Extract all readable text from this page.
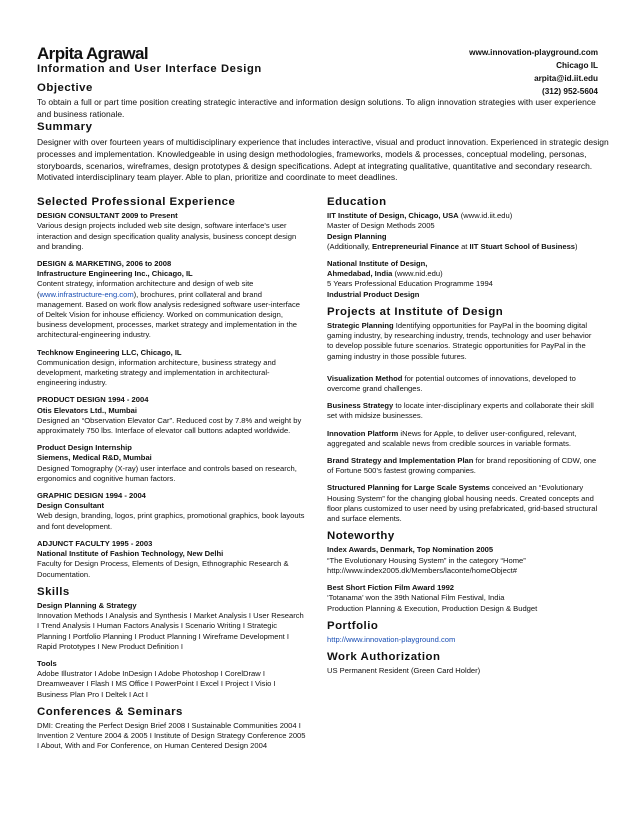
Arpita Agrawal
Information and User Interface Design
www.innovation-playground.com
Chicago IL
arpita@id.iit.edu
(312) 952-5604
Objective

To obtain a full or part time position creating strategic interactive and information design solutions. To align innovation strategies with user experience and business rationale.

Summary

Designer with over fourteen years of multidisciplinary experience that includes interactive, visual and product innovation. Experienced in strategic design processes and implementation. Knowledgeable in using design methodologies, frameworks, models & processes, conceptual modeling, personas, storyboards, scenarios, wireframes, design prototypes & design specifications. Adept at integrating qualitative, quantitative and secondary research. Motivated interdisciplinary team player. Able to plan, prioritize and coordinate to meet deadlines.

Selected Professional Experience
DESIGN CONSULTANT 2009 to Present
Various design projects included web site design, software interface's user interaction and design specification quality analysis, business concept design and branding.
DESIGN & MARKETING, 2006 to 2008
Infrastructure Engineering Inc., Chicago, IL
Content strategy, information architecture and design of web site (www.infrastructure-eng.com), brochures, print collateral and brand management. Based on work flow analysis redesigned software user-interface of Deltek Vision for inhouse efficiency. Worked on communication design, business development, processes, market strategy and implementation in the architectural-engineering industry.
Techknow Engineering LLC, Chicago, IL
Communication design, information architecture, business strategy and development, marketing strategy and implementation in architectural-engineering industry.
PRODUCT DESIGN 1994 - 2004
Otis Elevators Ltd., Mumbai
Designed an “Observation Elevator Car”. Reduced cost by 7.8% and weight by approximately 750 lbs. Interface of elevator call buttons adapted worldwide.
Product Design Internship
Siemens, Medical R&D, Mumbai
Designed Tomography (X-ray) user interface and controls based on research, ergonomics and cognitive human factors.
GRAPHIC DESIGN 1994 - 2004
Design Consultant
Web design, branding, logos, print graphics, promotional graphics, book layouts and font development.
ADJUNCT FACULTY 1995 - 2003
National Institute of Fashion Technology, New Delhi
Faculty for Design Process, Elements of Design, Ethnographic Research & Documentation.
Skills
Design Planning & Strategy
Innovation Methods I Analysis and Synthesis I Market Analysis I User Research I Trend Analysis I Human Factors Analysis I Scenario Writing I Strategic Planning I Portfolio Planning I Product Planning I Wireframe Development I Rapid Prototypes I New Product Definition I
Tools
Adobe Illustrator I Adobe InDesign I Adobe Photoshop I CorelDraw I Dreamweaver I Flash I MS Office I PowerPoint I Excel I Project I Visio I Business Plan Pro I Deltek I Act I
Conferences & Seminars
DMI: Creating the Perfect Design Brief 2008 I Sustainable Communities 2004 I Invention 2 Venture 2004 & 2005 I Institute of Design Strategy Conference 2005 I About, With and For Conference, on Human Centered Design 2004
Education
IIT Institute of Design, Chicago, USA (www.id.iit.edu)
Master of Design Methods 2005
Design Planning
(Additionally, Entrepreneurial Finance at IIT Stuart School of Business)
National Institute of Design,
Ahmedabad, India (www.nid.edu)
5 Years Professional Education Programme 1994
Industrial Product Design
Projects at Institute of Design
Strategic Planning Identifying opportunities for PayPal in the booming digital gaming industry, by researching industry, trends, technology and user behavior to develop possible future scenarios. Strategic opportunities for PayPal in the gaming industry in those possible futures.
Visualization Method for potential outcomes of innovations, developed to overcome grand challenges.
Business Strategy to locate inter-disciplinary experts and collaborate their skill set with midsize businesses.
Innovation Platform iNews for Apple, to deliver user-configured, relevant, aggregated and scalable news from credible sources in variable formats.
Brand Strategy and Implementation Plan for brand repositioning of CDW, one of Fortune 500’s fastest growing companies.
Structured Planning for Large Scale Systems conceived an “Evolutionary Housing System” for the changing global housing needs. Created concepts and floor plans customized to user need by using prefabricated, grid-based structural and surface elements.
Noteworthy
Index Awards, Denmark, Top Nomination 2005
“The Evolutionary Housing System” in the category “Home”
http://www.index2005.dk/Members/laconte/homeObject#
Best Short Fiction Film Award 1992
‘Totanama’ won the 39th National Film Festival, India
Production Planning & Execution, Production Design & Budget
Portfolio
http://www.innovation-playground.com
Work Authorization
US Permanent Resident (Green Card Holder)
